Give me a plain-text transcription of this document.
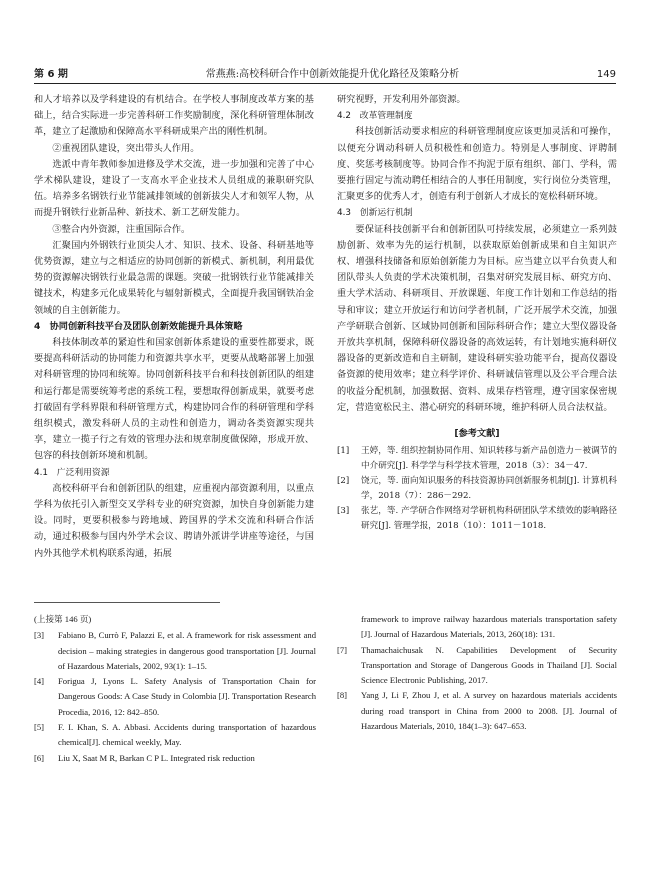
第 6 期	常燕燕:高校科研合作中创新效能提升优化路径及策略分析	149

和人才培养以及学科建设的有机结合。在学校人事制度改革方案的基础上，结合实际进一步完善科研工作奖励制度，深化科研管理体制改革，建立了起激励和保障高水平科研成果产出的刚性机制。

②重视团队建设，突出带头人作用。

选派中青年教师参加进修及学术交流，进一步加强和完善了中心学术梯队建设，建设了一支高水平企业技术人员组成的兼职研究队伍。培养多名钢铁行业节能减排领域的创新拔尖人才和领军人物，从而提升钢铁行业新品种、新技术、新工艺研发能力。

③整合内外资源，注重国际合作。

汇聚国内外钢铁行业顶尖人才、知识、技术、设备、科研基地等优势资源，建立与之相适应的协同创新的新模式、新机制，利用最优势的资源解决钢铁行业最急需的课题。突破一批钢铁行业节能减排关键技术，构建多元化成果转化与辐射新模式，全面提升我国钢铁冶金领域的自主创新能力。

4　协同创新科技平台及团队创新效能提升具体策略

科技体制改革的紧迫性和国家创新体系建设的重要性都要求，既要提高科研活动的协同能力和资源共享水平，更要从战略部署上加强对科研管理的协同和统筹。协同创新科技平台和科技创新团队的组建和运行都是需要统筹考虑的系统工程，要想取得创新成果，就要考虑打破固有学科界限和科研管理方式，构建协同合作的科研管理和学科组织模式，激发科研人员的主动性和创造力，调动各类资源实现共享，建立一揽子行之有效的管理办法和规章制度做保障，形成开放、包容的科技创新环境和机制。

4.1　广泛利用资源

高校科研平台和创新团队的组建，应重视内部资源利用，以重点学科为依托引入新型交叉学科专业的研究资源，加快自身创新能力建设。同时，更要积极参与跨地域、跨国界的学术交流和科研合作活动，通过积极参与国内外学术会议、聘请外派讲学讲座等途径，与国内外其他学术机构联系沟通，拓展

研究视野，开发利用外部资源。

4.2　改革管理制度

科技创新活动要求相应的科研管理制度应该更加灵活和可操作，以便充分调动科研人员积极性和创造力。特别是人事制度、评聘制度、奖惩考核制度等。协同合作不拘泥于原有组织、部门、学科，需要推行固定与流动聘任相结合的人事任用制度，实行岗位分类管理，汇聚更多的优秀人才，创造有利于创新人才成长的宽松科研环境。

4.3　创新运行机制

要保证科技创新平台和创新团队可持续发展，必须建立一系列鼓励创新、效率为先的运行机制，以获取原始创新成果和自主知识产权、增强科技储备和原始创新能力为目标。应当建立以平台负责人和团队带头人负责的学术决策机制，召集对研究发展目标、研究方向、重大学术活动、科研项目、开放课题、年度工作计划和工作总结的指导和审议；建立开放运行和访问学者机制，广泛开展学术交流，加强产学研联合创新、区域协同创新和国际科研合作；建立大型仪器设备开放共享机制，保障科研仪器设备的高效运转，有计划地实施科研仪器设备的更新改造和自主研制，建设科研实验功能平台，提高仪器设备资源的使用效率；建立科学评价、科研诚信管理以及公平合理合法的收益分配机制，加强数据、资料、成果存档管理，遵守国家保密规定，营造宽松民主、潜心研究的科研环境，维护科研人员合法权益。

[参考文献]
[1]	王婷，等. 组织控制协同作用、知识转移与新产品创造力－被调节的中介研究[J]. 科学学与科学技术管理，2018（3）：34－47.
[2]	饶元，等. 面向知识服务的科技资源协同创新服务机制[J]. 计算机科学，2018（7）：286－292.
[3]	张艺，等. 产学研合作网络对学研机构科研团队学术绩效的影响路径研究[J]. 管理学报，2018（10）：1011－1018.
(上接第 146 页)
[3]	Fabiano B, Currò F, Palazzi E, et al. A framework for risk assessment and decision – making strategies in dangerous good transportation [J]. Journal of Hazardous Materials, 2002, 93(1): 1–15.
[4]	Forigua J, Lyons L. Safety Analysis of Transportation Chain for Dangerous Goods: A Case Study in Colombia [J]. Transportation Research Procedia, 2016, 12: 842–850.
[5]	F. I. Khan, S. A. Abbasi. Accidents during transportation of hazardous chemical[J]. chemical weekly, May.
[6]	Liu X, Saat M R, Barkan C P L. Integrated risk reduction
framework to improve railway hazardous materials transportation safety [J]. Journal of Hazardous Materials, 2013, 260(18): 131.
[7]	Thamachaichusak N. Capabilities Development of Security Transportation and Storage of Dangerous Goods in Thailand [J]. Social Science Electronic Publishing, 2017.
[8]	Yang J, Li F, Zhou J, et al. A survey on hazardous materials accidents during road transport in China from 2000 to 2008. [J]. Journal of Hazardous Materials, 2010, 184(1–3): 647–653.
